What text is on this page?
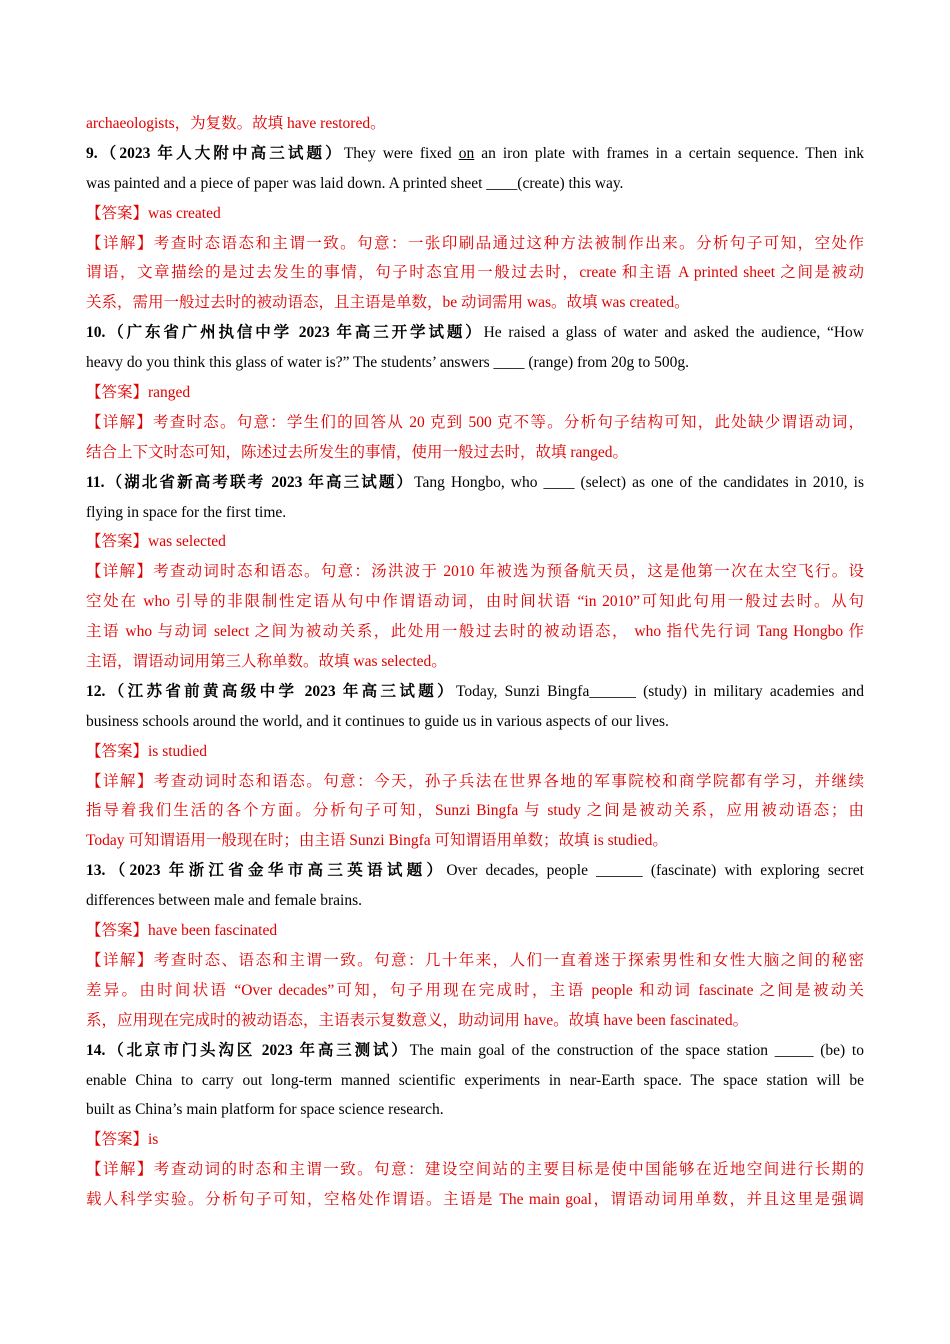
archaeologists，为复数。故填 have restored。
9.（2023 年人大附中高三试题）They were fixed on an iron plate with frames in a certain sequence. Then ink
was painted and a piece of paper was laid down. A printed sheet ____(create) this way.
【答案】was created
【详解】考查时态语态和主谓一致。句意：一张印刷品通过这种方法被制作出来。分析句子可知，空处作
谓语，文章描绘的是过去发生的事情，句子时态宜用一般过去时，create 和主语 A printed sheet 之间是被动
关系，需用一般过去时的被动语态，且主语是单数，be 动词需用 was。故填 was created。
10.（广东省广州执信中学 2023 年高三开学试题）He raised a glass of water and asked the audience, “How
heavy do you think this glass of water is?” The students’ answers ____ (range) from 20g to 500g.
【答案】ranged
【详解】考查时态。句意：学生们的回答从 20 克到 500 克不等。分析句子结构可知，此处缺少谓语动词，
结合上下文时态可知，陈述过去所发生的事情，使用一般过去时，故填 ranged。
11.（湖北省新高考联考 2023 年高三试题）Tang Hongbo, who ____ (select) as one of the candidates in 2010, is
flying in space for the first time.
【答案】was selected
【详解】考查动词时态和语态。句意：汤洪波于 2010 年被选为预备航天员，这是他第一次在太空飞行。设
空处在 who 引导的非限制性定语从句中作谓语动词，由时间状语 “in 2010”可知此句用一般过去时。从句
主语 who 与动词 select 之间为被动关系，此处用一般过去时的被动语态， who 指代先行词 Tang Hongbo 作
主语，谓语动词用第三人称单数。故填 was selected。
12.（江苏省前黄高级中学 2023 年高三试题）Today, Sunzi Bingfa______ (study) in military academies and
business schools around the world, and it continues to guide us in various aspects of our lives.
【答案】is studied
【详解】考查动词时态和语态。句意：今天，孙子兵法在世界各地的军事院校和商学院都有学习，并继续
指导着我们生活的各个方面。分析句子可知，Sunzi Bingfa 与 study 之间是被动关系，应用被动语态；由
Today 可知谓语用一般现在时；由主语 Sunzi Bingfa 可知谓语用单数；故填 is studied。
13.（2023 年浙江省金华市高三英语试题）Over decades, people ______ (fascinate) with exploring secret
differences between male and female brains.
【答案】have been fascinated
【详解】考查时态、语态和主谓一致。句意：几十年来，人们一直着迷于探索男性和女性大脑之间的秘密
差异。由时间状语 “Over decades”可知，句子用现在完成时，主语 people 和动词 fascinate 之间是被动关
系，应用现在完成时的被动语态，主语表示复数意义，助动词用 have。故填 have been fascinated。
14.（北京市门头沟区 2023 年高三测试）The main goal of the construction of the space station _____ (be) to
enable China to carry out long-term manned scientific experiments in near-Earth space. The space station will be
built as China’s main platform for space science research.
【答案】is
【详解】考查动词的时态和主谓一致。句意：建设空间站的主要目标是使中国能够在近地空间进行长期的
载人科学实验。分析句子可知，空格处作谓语。主语是 The main goal，谓语动词用单数，并且这里是强调
